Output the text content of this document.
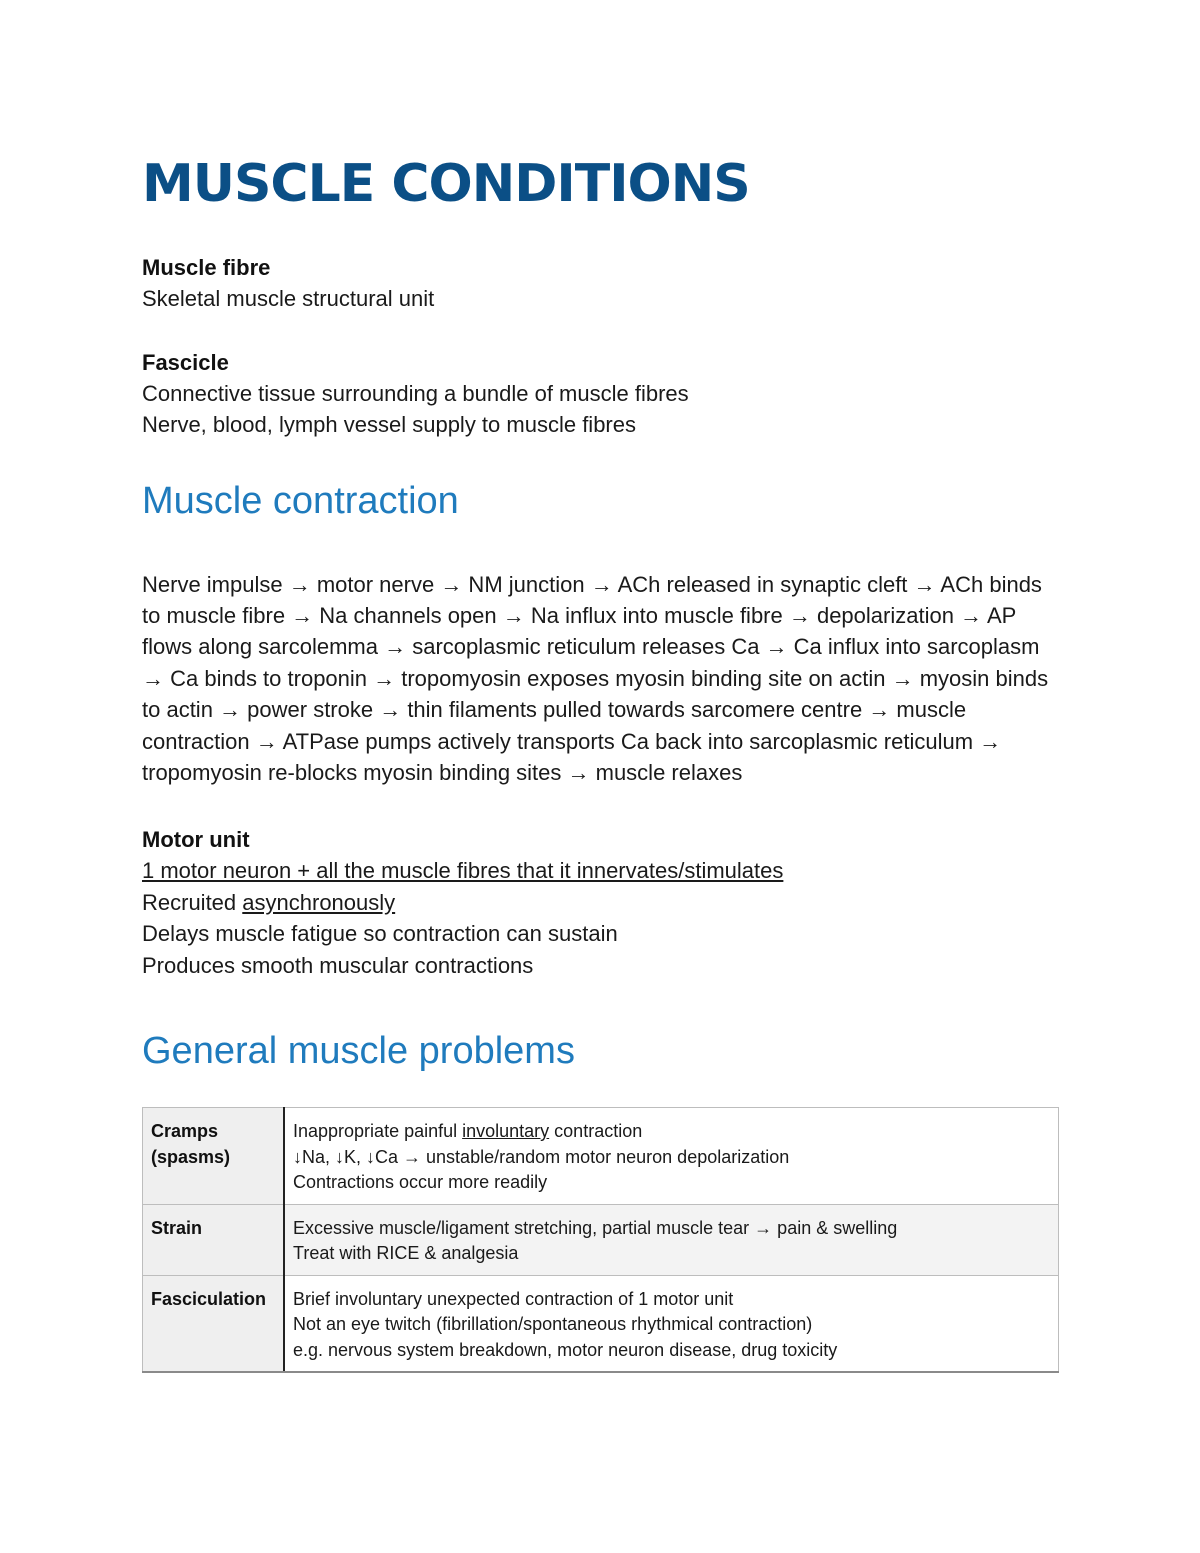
MUSCLE CONDITIONS
Muscle fibre
Skeletal muscle structural unit
Fascicle
Connective tissue surrounding a bundle of muscle fibres
Nerve, blood, lymph vessel supply to muscle fibres
Muscle contraction
Nerve impulse → motor nerve → NM junction → ACh released in synaptic cleft → ACh binds to muscle fibre → Na channels open → Na influx into muscle fibre → depolarization → AP flows along sarcolemma → sarcoplasmic reticulum releases Ca → Ca influx into sarcoplasm → Ca binds to troponin → tropomyosin exposes myosin binding site on actin → myosin binds to actin → power stroke → thin filaments pulled towards sarcomere centre → muscle contraction → ATPase pumps actively transports Ca back into sarcoplasmic reticulum → tropomyosin re-blocks myosin binding sites → muscle relaxes
Motor unit
1 motor neuron + all the muscle fibres that it innervates/stimulates
Recruited asynchronously
Delays muscle fatigue so contraction can sustain
Produces smooth muscular contractions
General muscle problems
Cramps (spasms)	Inappropriate painful involuntary contraction
↓Na, ↓K, ↓Ca → unstable/random motor neuron depolarization
Contractions occur more readily

Strain	Excessive muscle/ligament stretching, partial muscle tear → pain & swelling
Treat with RICE & analgesia

Fasciculation	Brief involuntary unexpected contraction of 1 motor unit
Not an eye twitch (fibrillation/spontaneous rhythmical contraction)
e.g. nervous system breakdown, motor neuron disease, drug toxicity
